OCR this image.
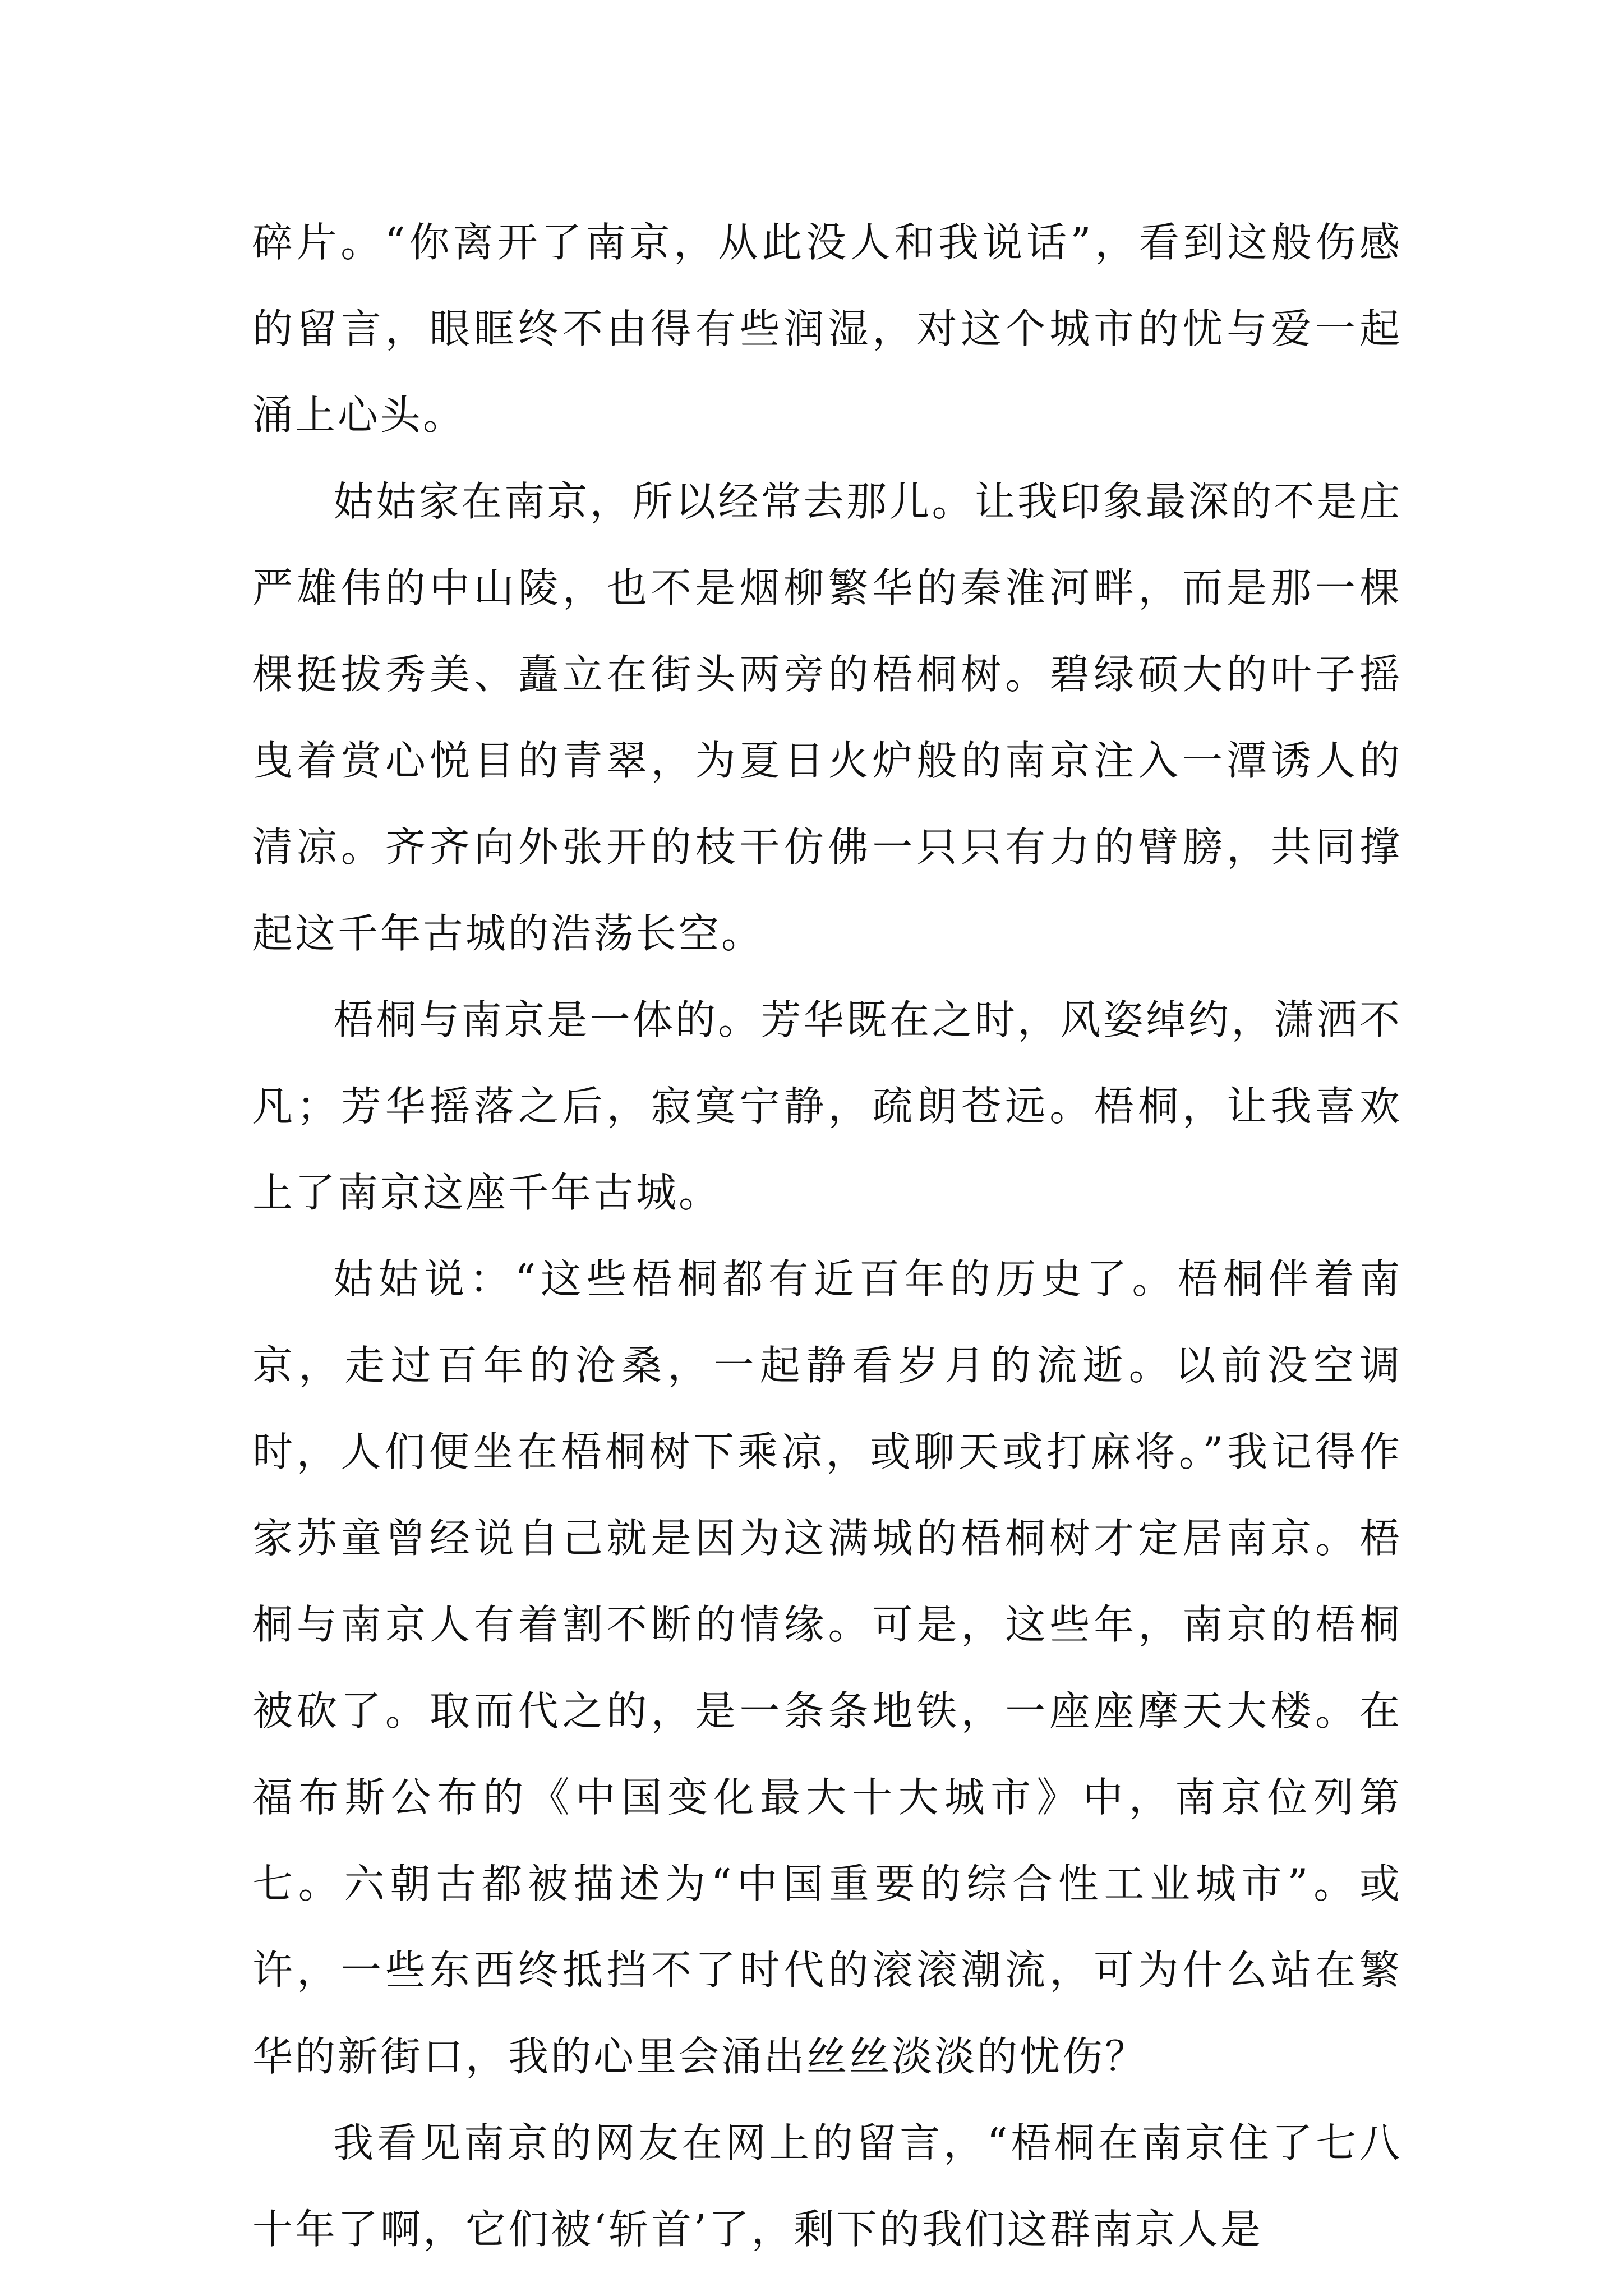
碎片。“你离开了南京，从此没人和我说话”，看到这般伤感的留言，眼眶终不由得有些润湿，对这个城市的忧与爱一起涌上心头。

姑姑家在南京，所以经常去那儿。让我印象最深的不是庄严雄伟的中山陵，也不是烟柳繁华的秦淮河畔，而是那一棵棵挺拔秀美、矗立在街头两旁的梧桐树。碧绿硕大的叶子摇曳着赏心悦目的青翠，为夏日火炉般的南京注入一潭诱人的清凉。齐齐向外张开的枝干仿佛一只只有力的臂膀，共同撑起这千年古城的浩荡长空。

梧桐与南京是一体的。芳华既在之时，风姿绰约，潇洒不凡；芳华摇落之后，寂寞宁静，疏朗苍远。梧桐，让我喜欢上了南京这座千年古城。

姑姑说：“这些梧桐都有近百年的历史了。梧桐伴着南京，走过百年的沧桑，一起静看岁月的流逝。以前没空调时，人们便坐在梧桐树下乘凉，或聊天或打麻将。”我记得作家苏童曾经说自己就是因为这满城的梧桐树才定居南京。梧桐与南京人有着割不断的情缘。可是，这些年，南京的梧桐被砍了。取而代之的，是一条条地铁，一座座摩天大楼。在福布斯公布的《中国变化最大十大城市》中，南京位列第七。六朝古都被描述为“中国重要的综合性工业城市”。或许，一些东西终抵挡不了时代的滚滚潮流，可为什么站在繁华的新街口，我的心里会涌出丝丝淡淡的忧伤？

我看见南京的网友在网上的留言，“梧桐在南京住了七八十年了啊，它们被‘斩首’了，剩下的我们这群南京人是
